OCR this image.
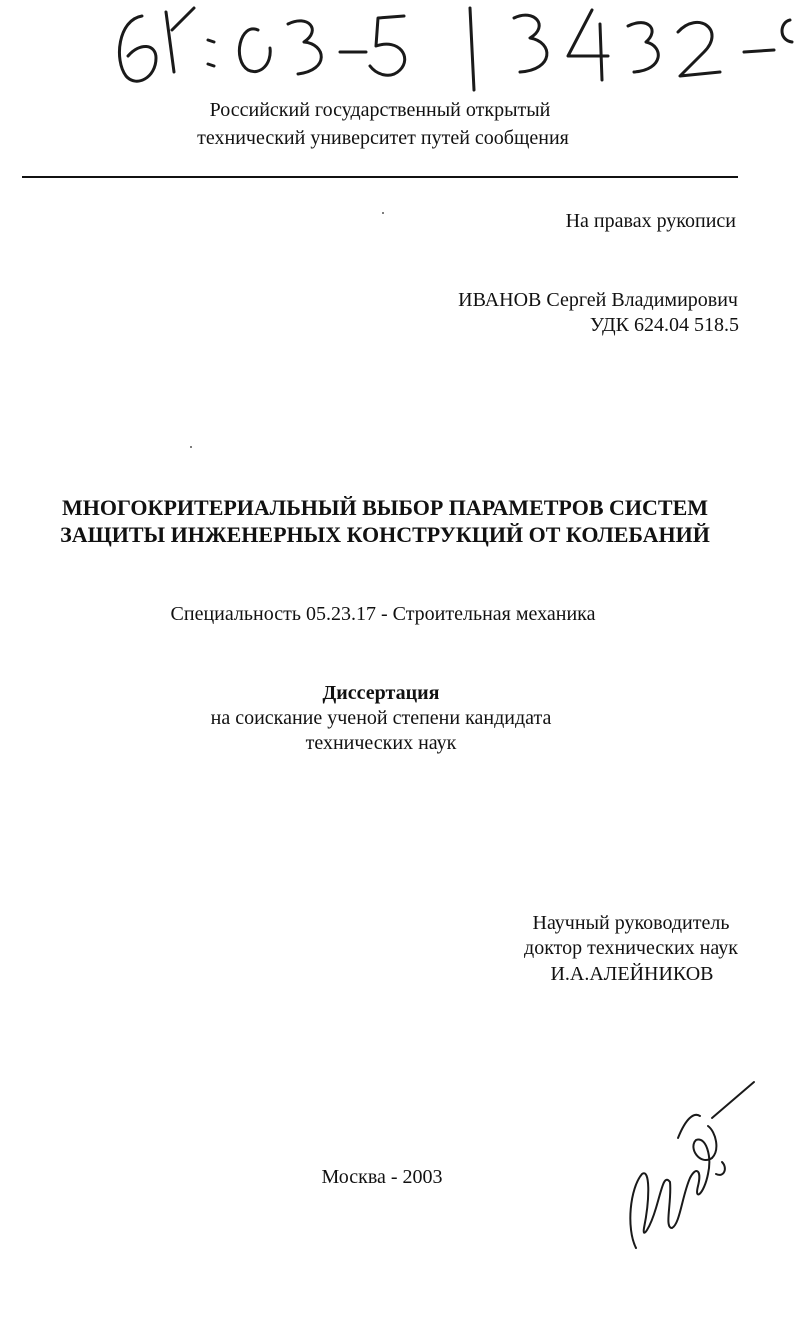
Российский государственный открытый
технический университет путей сообщения
На правах рукописи
ИВАНОВ Сергей Владимирович
УДК 624.04 518.5
МНОГОКРИТЕРИАЛЬНЫЙ ВЫБОР ПАРАМЕТРОВ СИСТЕМ
ЗАЩИТЫ ИНЖЕНЕРНЫХ КОНСТРУКЦИЙ ОТ КОЛЕБАНИЙ
Специальность 05.23.17 - Строительная механика
Диссертация
на соискание ученой степени кандидата
технических наук
Научный руководитель
доктор технических наук
И.А.АЛЕЙНИКОВ
Москва - 2003
